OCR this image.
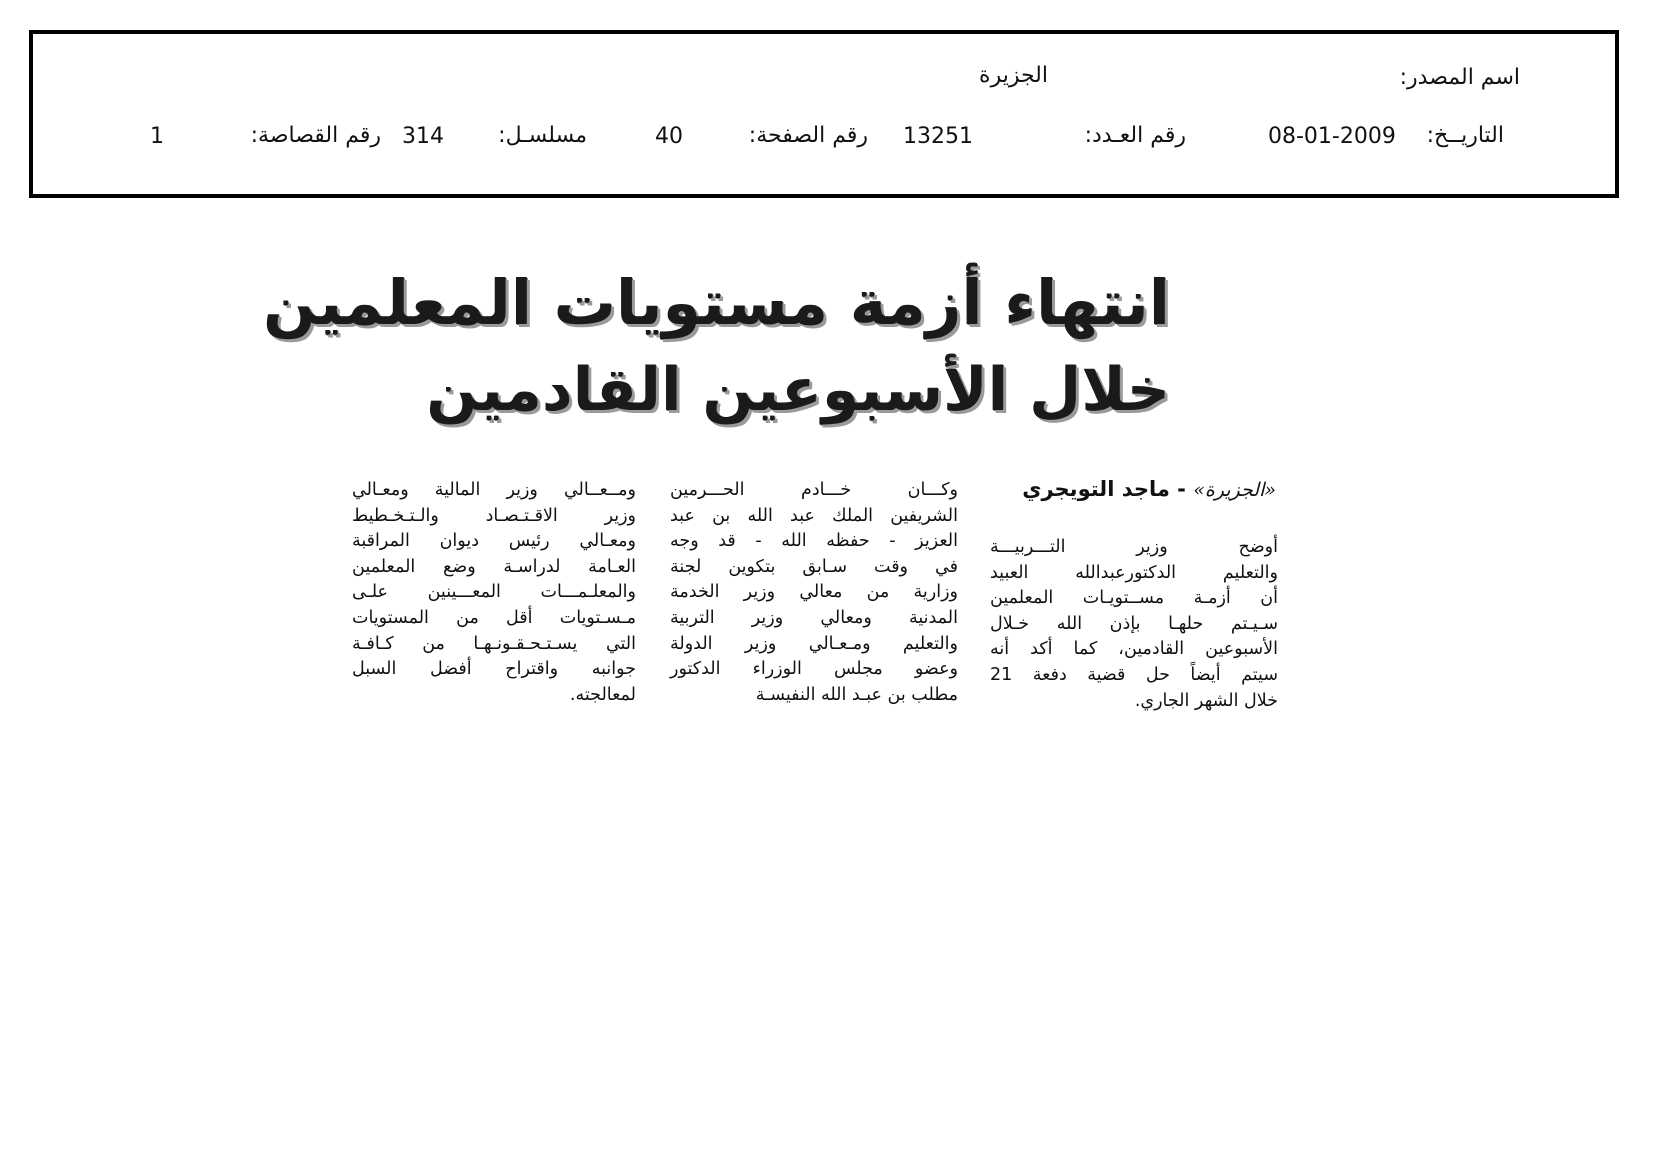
اسم المصدر:
الجزيرة
التاريــخ:
08-01-2009
رقم العـدد:
13251
رقم الصفحة:
40
مسلسـل:
314
رقم القصاصة:
1
انتهاء أزمة مستويات المعلمين
خلال الأسبوعين القادمين
«الجزيرة» - ماجد التويجري
أوضح وزير التـــربيـــة
والتعليم الدكتورعبدالله العبيد
أن أزمـة مســتويـات المعلمين
سـيـتم حلهـا بإذن الله خـلال
الأسبوعين القادمين، كما أكد أنه
سيتم أيضاً حل قضية دفعة 21
خلال الشهر الجاري.
وكـــان خـــادم الحـــرمين
الشريفين الملك عبد الله بن عبد
العزيز - حفظه الله - قد وجه
في وقت سـابق بتكوين لجنة
وزارية من معالي وزير الخدمة
المدنية ومعالي وزير التربية
والتعليم ومـعـالي وزير الدولة
وعضو مجلس الوزراء الدكتور
مطلب بن عبـد الله النفيسـة
ومــعــالي وزير المالية ومعـالي
وزير الاقـتـصـاد والـتـخـطيط
ومعـالي رئيس ديوان المراقبة
العـامة لدراسـة وضع المعلمين
والمعلـمـــات المعـــينين علـى
مـسـتويات أقل من المستويات
التي يسـتـحـقـونـهـا من كـافـة
جوانبه واقتراح أفضل السبل
لمعالجته.
